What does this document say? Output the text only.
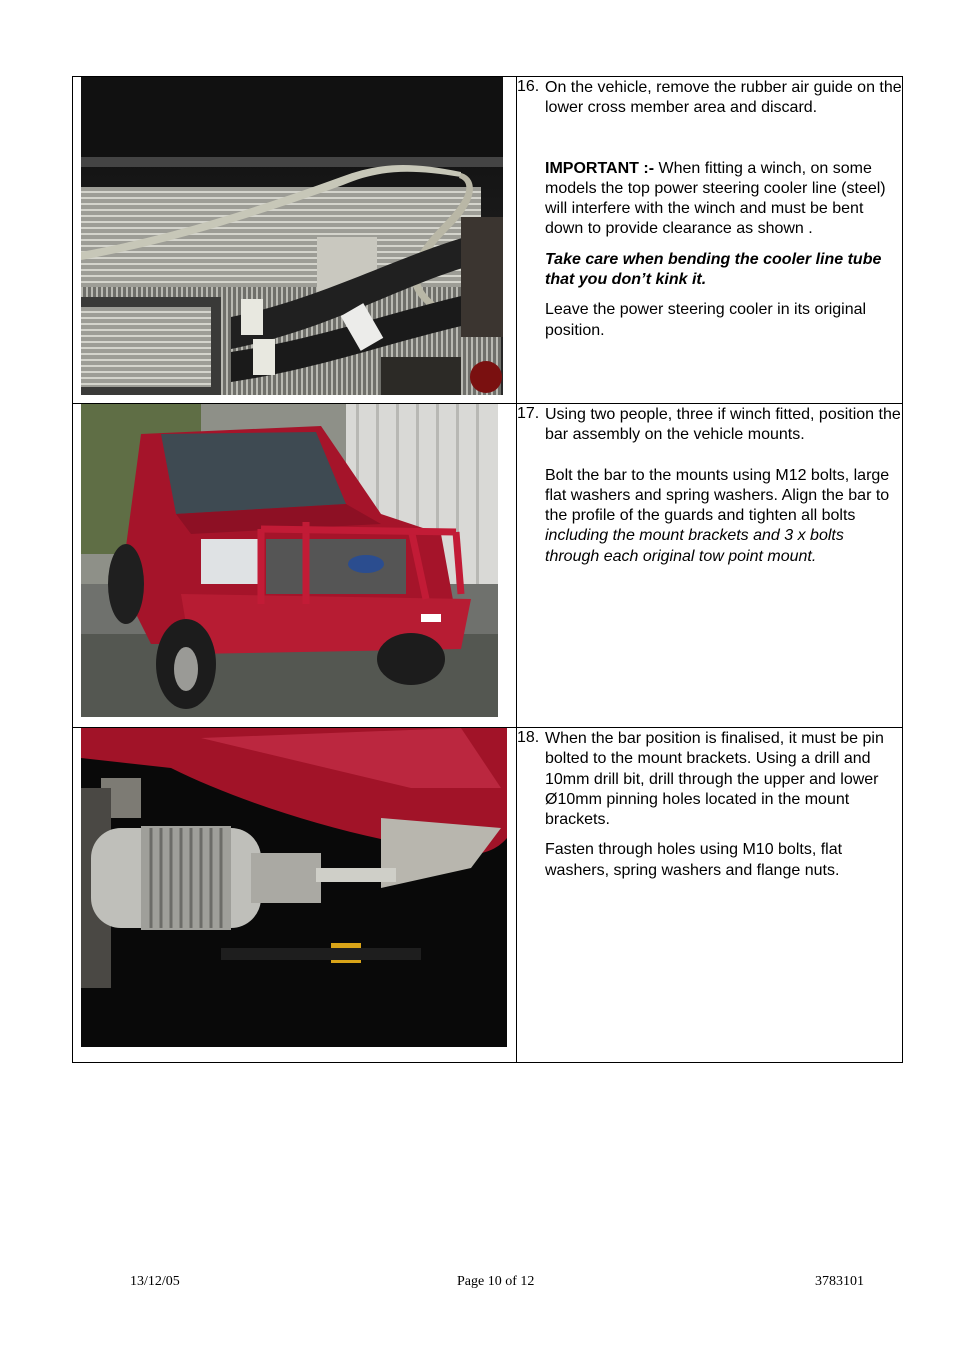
16. On the vehicle, remove the rubber air guide on the lower cross member area and discard.
IMPORTANT :- When fitting a winch, on some models the top power steering cooler line (steel) will interfere with the winch and must be bent down to provide clearance as shown .
Take care when bending the cooler line tube that you don’t kink it.
Leave the power steering cooler in its original position.

17. Using two people, three if winch fitted, position the bar assembly on the vehicle mounts.
Bolt the bar to the mounts using M12 bolts, large flat washers and spring washers. Align the bar to the profile of the guards and tighten all bolts including the mount brackets and 3 x bolts through each original tow point mount.

18. When the bar position is finalised, it must be pin bolted to the mount brackets. Using a drill and 10mm drill bit, drill through the upper and lower Ø10mm pinning holes located in the mount brackets.
Fasten through holes using M10 bolts, flat washers, spring washers and flange nuts.
13/12/05	Page 10 of 12	3783101
